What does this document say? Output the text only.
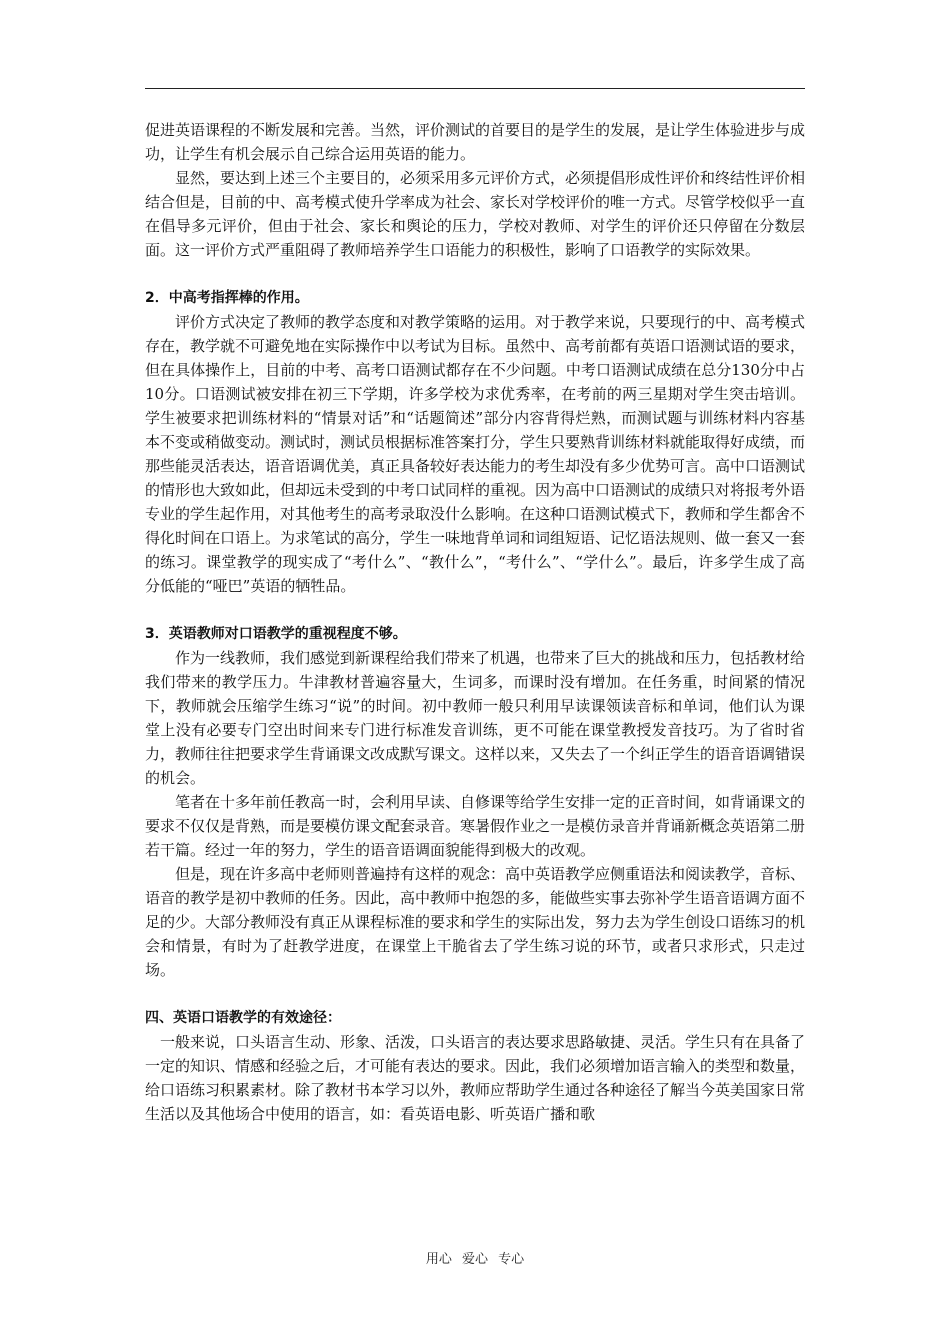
促进英语课程的不断发展和完善。当然，评价测试的首要目的是学生的发展，是让学生体验进步与成功，让学生有机会展示自己综合运用英语的能力。

显然，要达到上述三个主要目的，必须采用多元评价方式，必须提倡形成性评价和终结性评价相结合但是，目前的中、高考模式使升学率成为社会、家长对学校评价的唯一方式。尽管学校似乎一直在倡导多元评价，但由于社会、家长和舆论的压力，学校对教师、对学生的评价还只停留在分数层面。这一评价方式严重阻碍了教师培养学生口语能力的积极性，影响了口语教学的实际效果。

2．中高考指挥棒的作用。

评价方式决定了教师的教学态度和对教学策略的运用。对于教学来说，只要现行的中、高考模式存在，教学就不可避免地在实际操作中以考试为目标。虽然中、高考前都有英语口语测试语的要求，但在具体操作上，目前的中考、高考口语测试都存在不少问题。中考口语测试成绩在总分130分中占10分。口语测试被安排在初三下学期，许多学校为求优秀率，在考前的两三星期对学生突击培训。学生被要求把训练材料的“情景对话”和“话题简述”部分内容背得烂熟，而测试题与训练材料内容基本不变或稍做变动。测试时，测试员根据标准答案打分，学生只要熟背训练材料就能取得好成绩，而那些能灵活表达，语音语调优美，真正具备较好表达能力的考生却没有多少优势可言。高中口语测试的情形也大致如此，但却远未受到的中考口试同样的重视。因为高中口语测试的成绩只对将报考外语专业的学生起作用，对其他考生的高考录取没什么影响。在这种口语测试模式下，教师和学生都舍不得化时间在口语上。为求笔试的高分，学生一味地背单词和词组短语、记忆语法规则、做一套又一套的练习。课堂教学的现实成了“考什么”、“教什么”，“考什么”、“学什么”。最后，许多学生成了高分低能的“哑巴”英语的牺牲品。

3．英语教师对口语教学的重视程度不够。

作为一线教师，我们感觉到新课程给我们带来了机遇，也带来了巨大的挑战和压力，包括教材给我们带来的教学压力。牛津教材普遍容量大，生词多，而课时没有增加。在任务重，时间紧的情况下，教师就会压缩学生练习“说”的时间。初中教师一般只利用早读课领读音标和单词，他们认为课堂上没有必要专门空出时间来专门进行标准发音训练，更不可能在课堂教授发音技巧。为了省时省力，教师往往把要求学生背诵课文改成默写课文。这样以来，又失去了一个纠正学生的语音语调错误的机会。

笔者在十多年前任教高一时，会利用早读、自修课等给学生安排一定的正音时间，如背诵课文的要求不仅仅是背熟，而是要模仿课文配套录音。寒暑假作业之一是模仿录音并背诵新概念英语第二册若干篇。经过一年的努力，学生的语音语调面貌能得到极大的改观。

但是，现在许多高中老师则普遍持有这样的观念：高中英语教学应侧重语法和阅读教学，音标、语音的教学是初中教师的任务。因此，高中教师中抱怨的多，能做些实事去弥补学生语音语调方面不足的少。大部分教师没有真正从课程标准的要求和学生的实际出发，努力去为学生创设口语练习的机会和情景，有时为了赶教学进度，在课堂上干脆省去了学生练习说的环节，或者只求形式，只走过场。

四、英语口语教学的有效途径：

一般来说，口头语言生动、形象、活泼，口头语言的表达要求思路敏捷、灵活。学生只有在具备了一定的知识、情感和经验之后，才可能有表达的要求。因此，我们必须增加语言输入的类型和数量，给口语练习积累素材。除了教材书本学习以外，教师应帮助学生通过各种途径了解当今英美国家日常生活以及其他场合中使用的语言，如：看英语电影、听英语广播和歌

用心 爱心 专心
